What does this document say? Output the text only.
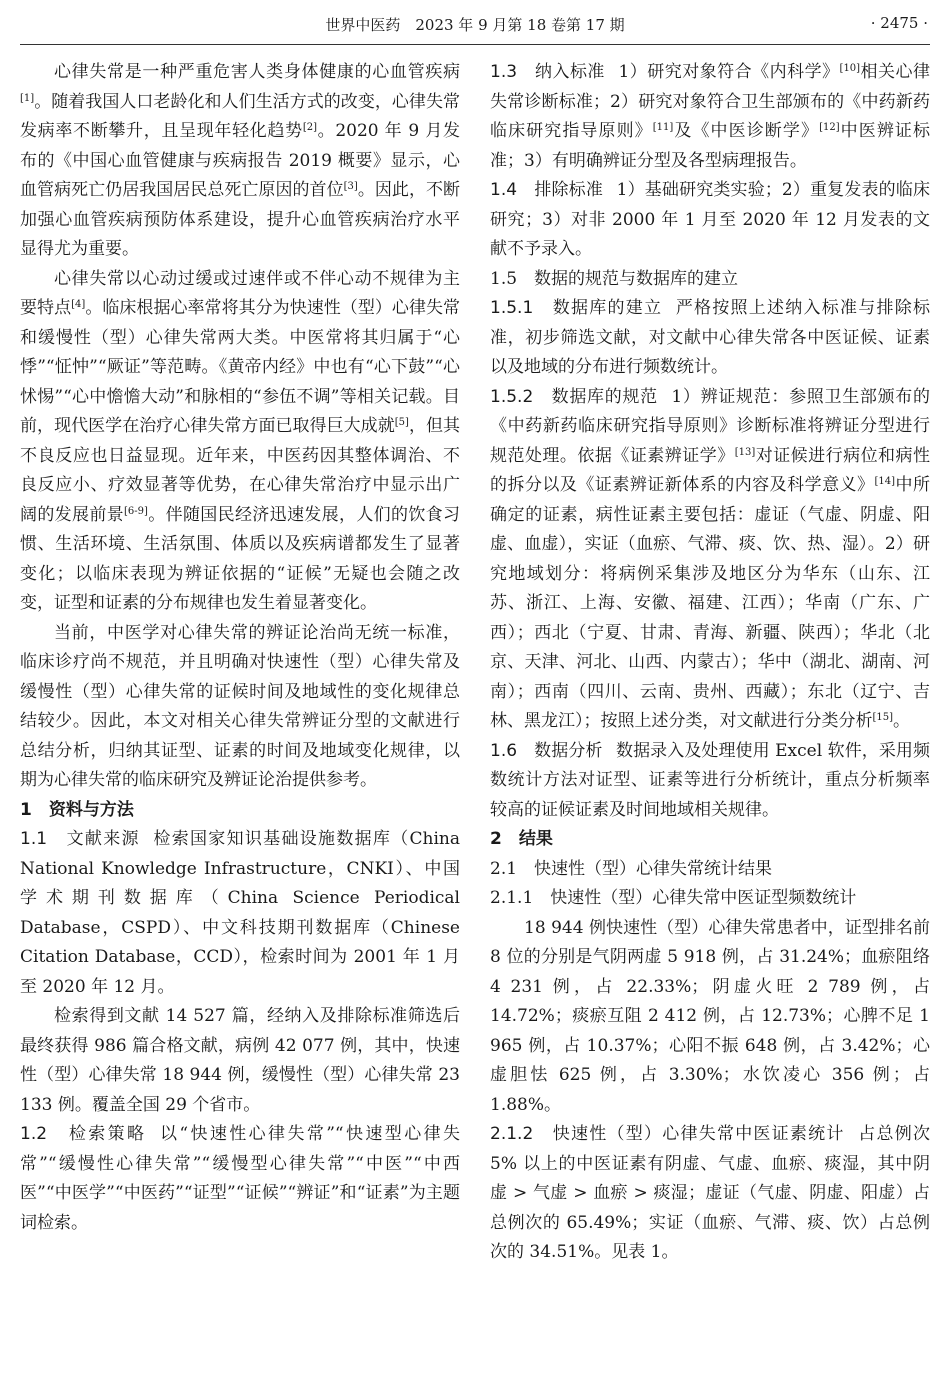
世界中医药　2023 年 9 月第 18 卷第 17 期	· 2475 ·

心律失常是一种严重危害人类身体健康的心血管疾病[1]。随着我国人口老龄化和人们生活方式的改变，心律失常发病率不断攀升，且呈现年轻化趋势[2]。2020 年 9 月发布的《中国心血管健康与疾病报告 2019 概要》显示，心血管病死亡仍居我国居民总死亡原因的首位[3]。因此，不断加强心血管疾病预防体系建设，提升心血管疾病治疗水平显得尤为重要。

心律失常以心动过缓或过速伴或不伴心动不规律为主要特点[4]。临床根据心率常将其分为快速性（型）心律失常和缓慢性（型）心律失常两大类。中医常将其归属于“心悸”“怔忡”“厥证”等范畴。《黄帝内经》中也有“心下鼓”“心怵惕”“心中憺憺大动”和脉相的“参伍不调”等相关记载。目前，现代医学在治疗心律失常方面已取得巨大成就[5]，但其不良反应也日益显现。近年来，中医药因其整体调治、不良反应小、疗效显著等优势，在心律失常治疗中显示出广阔的发展前景[6-9]。伴随国民经济迅速发展，人们的饮食习惯、生活环境、生活氛围、体质以及疾病谱都发生了显著变化；以临床表现为辨证依据的“证候”无疑也会随之改变，证型和证素的分布规律也发生着显著变化。

当前，中医学对心律失常的辨证论治尚无统一标准，临床诊疗尚不规范，并且明确对快速性（型）心律失常及缓慢性（型）心律失常的证候时间及地域性的变化规律总结较少。因此，本文对相关心律失常辨证分型的文献进行总结分析，归纳其证型、证素的时间及地域变化规律，以期为心律失常的临床研究及辨证论治提供参考。

1　资料与方法

1.1　文献来源 检索国家知识基础设施数据库（China National Knowledge Infrastructure，CNKI）、中国学术期刊数据库（China Science Periodical Database，CSPD）、中文科技期刊数据库（Chinese Citation Database，CCD），检索时间为 2001 年 1 月至 2020 年 12 月。

检索得到文献 14 527 篇，经纳入及排除标准筛选后最终获得 986 篇合格文献，病例 42 077 例，其中，快速性（型）心律失常 18 944 例，缓慢性（型）心律失常 23 133 例。覆盖全国 29 个省市。

1.2　检索策略 以“快速性心律失常”“快速型心律失常”“缓慢性心律失常”“缓慢型心律失常”“中医”“中西医”“中医学”“中医药”“证型”“证候”“辨证”和“证素”为主题词检索。

1.3　纳入标准 1）研究对象符合《内科学》[10]相关心律失常诊断标准；2）研究对象符合卫生部颁布的《中药新药临床研究指导原则》[11]及《中医诊断学》[12]中医辨证标准；3）有明确辨证分型及各型病理报告。

1.4　排除标准 1）基础研究类实验；2）重复发表的临床研究；3）对非 2000 年 1 月至 2020 年 12 月发表的文献不予录入。

1.5　数据的规范与数据库的建立

1.5.1　数据库的建立 严格按照上述纳入标准与排除标准，初步筛选文献，对文献中心律失常各中医证候、证素以及地域的分布进行频数统计。

1.5.2　数据库的规范 1）辨证规范：参照卫生部颁布的《中药新药临床研究指导原则》诊断标准将辨证分型进行规范处理。依据《证素辨证学》[13]对证候进行病位和病性的拆分以及《证素辨证新体系的内容及科学意义》[14]中所确定的证素，病性证素主要包括：虚证（气虚、阴虚、阳虚、血虚），实证（血瘀、气滞、痰、饮、热、湿）。2）研究地域划分：将病例采集涉及地区分为华东（山东、江苏、浙江、上海、安徽、福建、江西）；华南（广东、广西）；西北（宁夏、甘肃、青海、新疆、陕西）；华北（北京、天津、河北、山西、内蒙古）；华中（湖北、湖南、河南）；西南（四川、云南、贵州、西藏）；东北（辽宁、吉林、黑龙江）；按照上述分类，对文献进行分类分析[15]。

1.6　数据分析 数据录入及处理使用 Excel 软件，采用频数统计方法对证型、证素等进行分析统计，重点分析频率较高的证候证素及时间地域相关规律。

2　结果

2.1　快速性（型）心律失常统计结果

2.1.1　快速性（型）心律失常中医证型频数统计

18 944 例快速性（型）心律失常患者中，证型排名前 8 位的分别是气阴两虚 5 918 例，占 31.24%；血瘀阻络 4 231 例，占 22.33%；阴虚火旺 2 789 例，占 14.72%；痰瘀互阻 2 412 例，占 12.73%；心脾不足 1 965 例，占 10.37%；心阳不振 648 例，占 3.42%；心虚胆怯 625 例，占 3.30%；水饮凌心 356 例；占 1.88%。

2.1.2　快速性（型）心律失常中医证素统计 占总例次 5% 以上的中医证素有阴虚、气虚、血瘀、痰湿，其中阴虚 > 气虚 > 血瘀 > 痰湿；虚证（气虚、阴虚、阳虚）占总例次的 65.49%；实证（血瘀、气滞、痰、饮）占总例次的 34.51%。见表 1。
